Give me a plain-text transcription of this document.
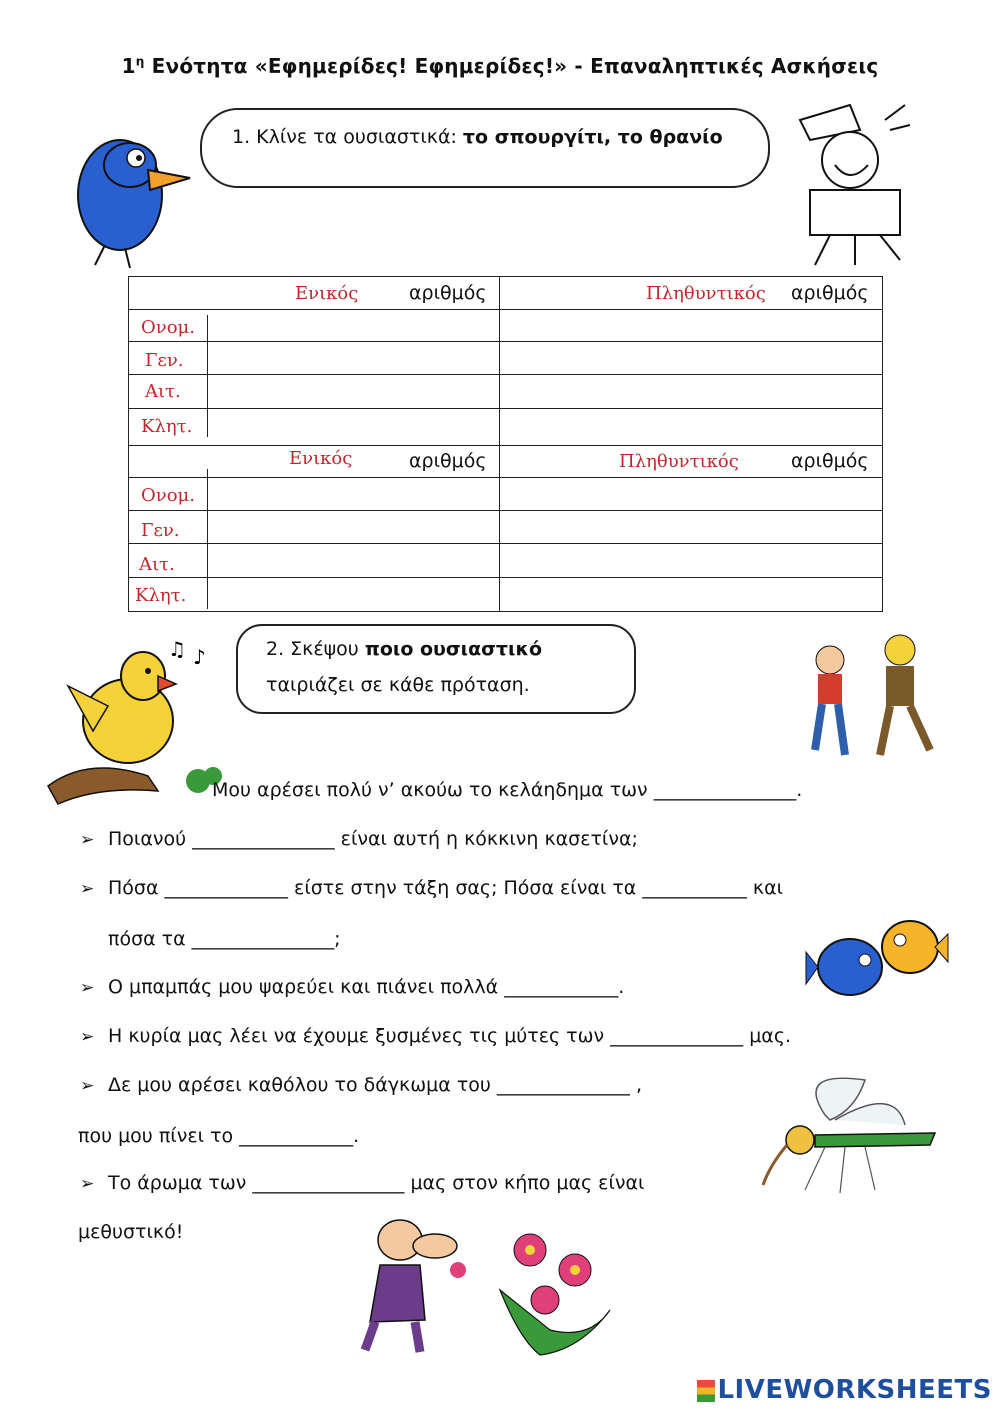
$1^\eta$ Ενότητα «Εφημερίδες! Εφημερίδες!» - Επαναληπτικές Ασκήσεις
1. Κλίνε τα ουσιαστικά: το σπουργίτι, το θρανίο
Ενικός	αριθμός	Πληθυντικός αριθμός
Ονομ.
Γεν.
Αιτ.
Κλητ.
Ενικός	αριθμός	Πληθυντικός	αριθμός
Ονομ.
Γεν.
Αιτ.
Κλητ.
♫ ♪	2. Σκέψου ποιο ουσιαστικό
ταιριάζει σε κάθε πρόταση.
Μου αρέσει πολύ ν’ ακούω το κελάηδημα των _______________.
➢ Ποιανού _______________ είναι αυτή η κόκκινη κασετίνα;
➢ Πόσα _____________ είστε στην τάξη σας; Πόσα είναι τα ___________ και
πόσα τα _______________;
➢ Ο μπαμπάς μου ψαρεύει και πιάνει πολλά ____________.
➢ Η κυρία μας λέει να έχουμε ξυσμένες τις μύτες των ______________ μας.
➢ Δε μου αρέσει καθόλου το δάγκωμα του ______________ ,
που μου πίνει το ____________.
➢ Το άρωμα των ________________ μας στον κήπο μας είναι
μεθυστικό!
LIVEWORKSHEETS
